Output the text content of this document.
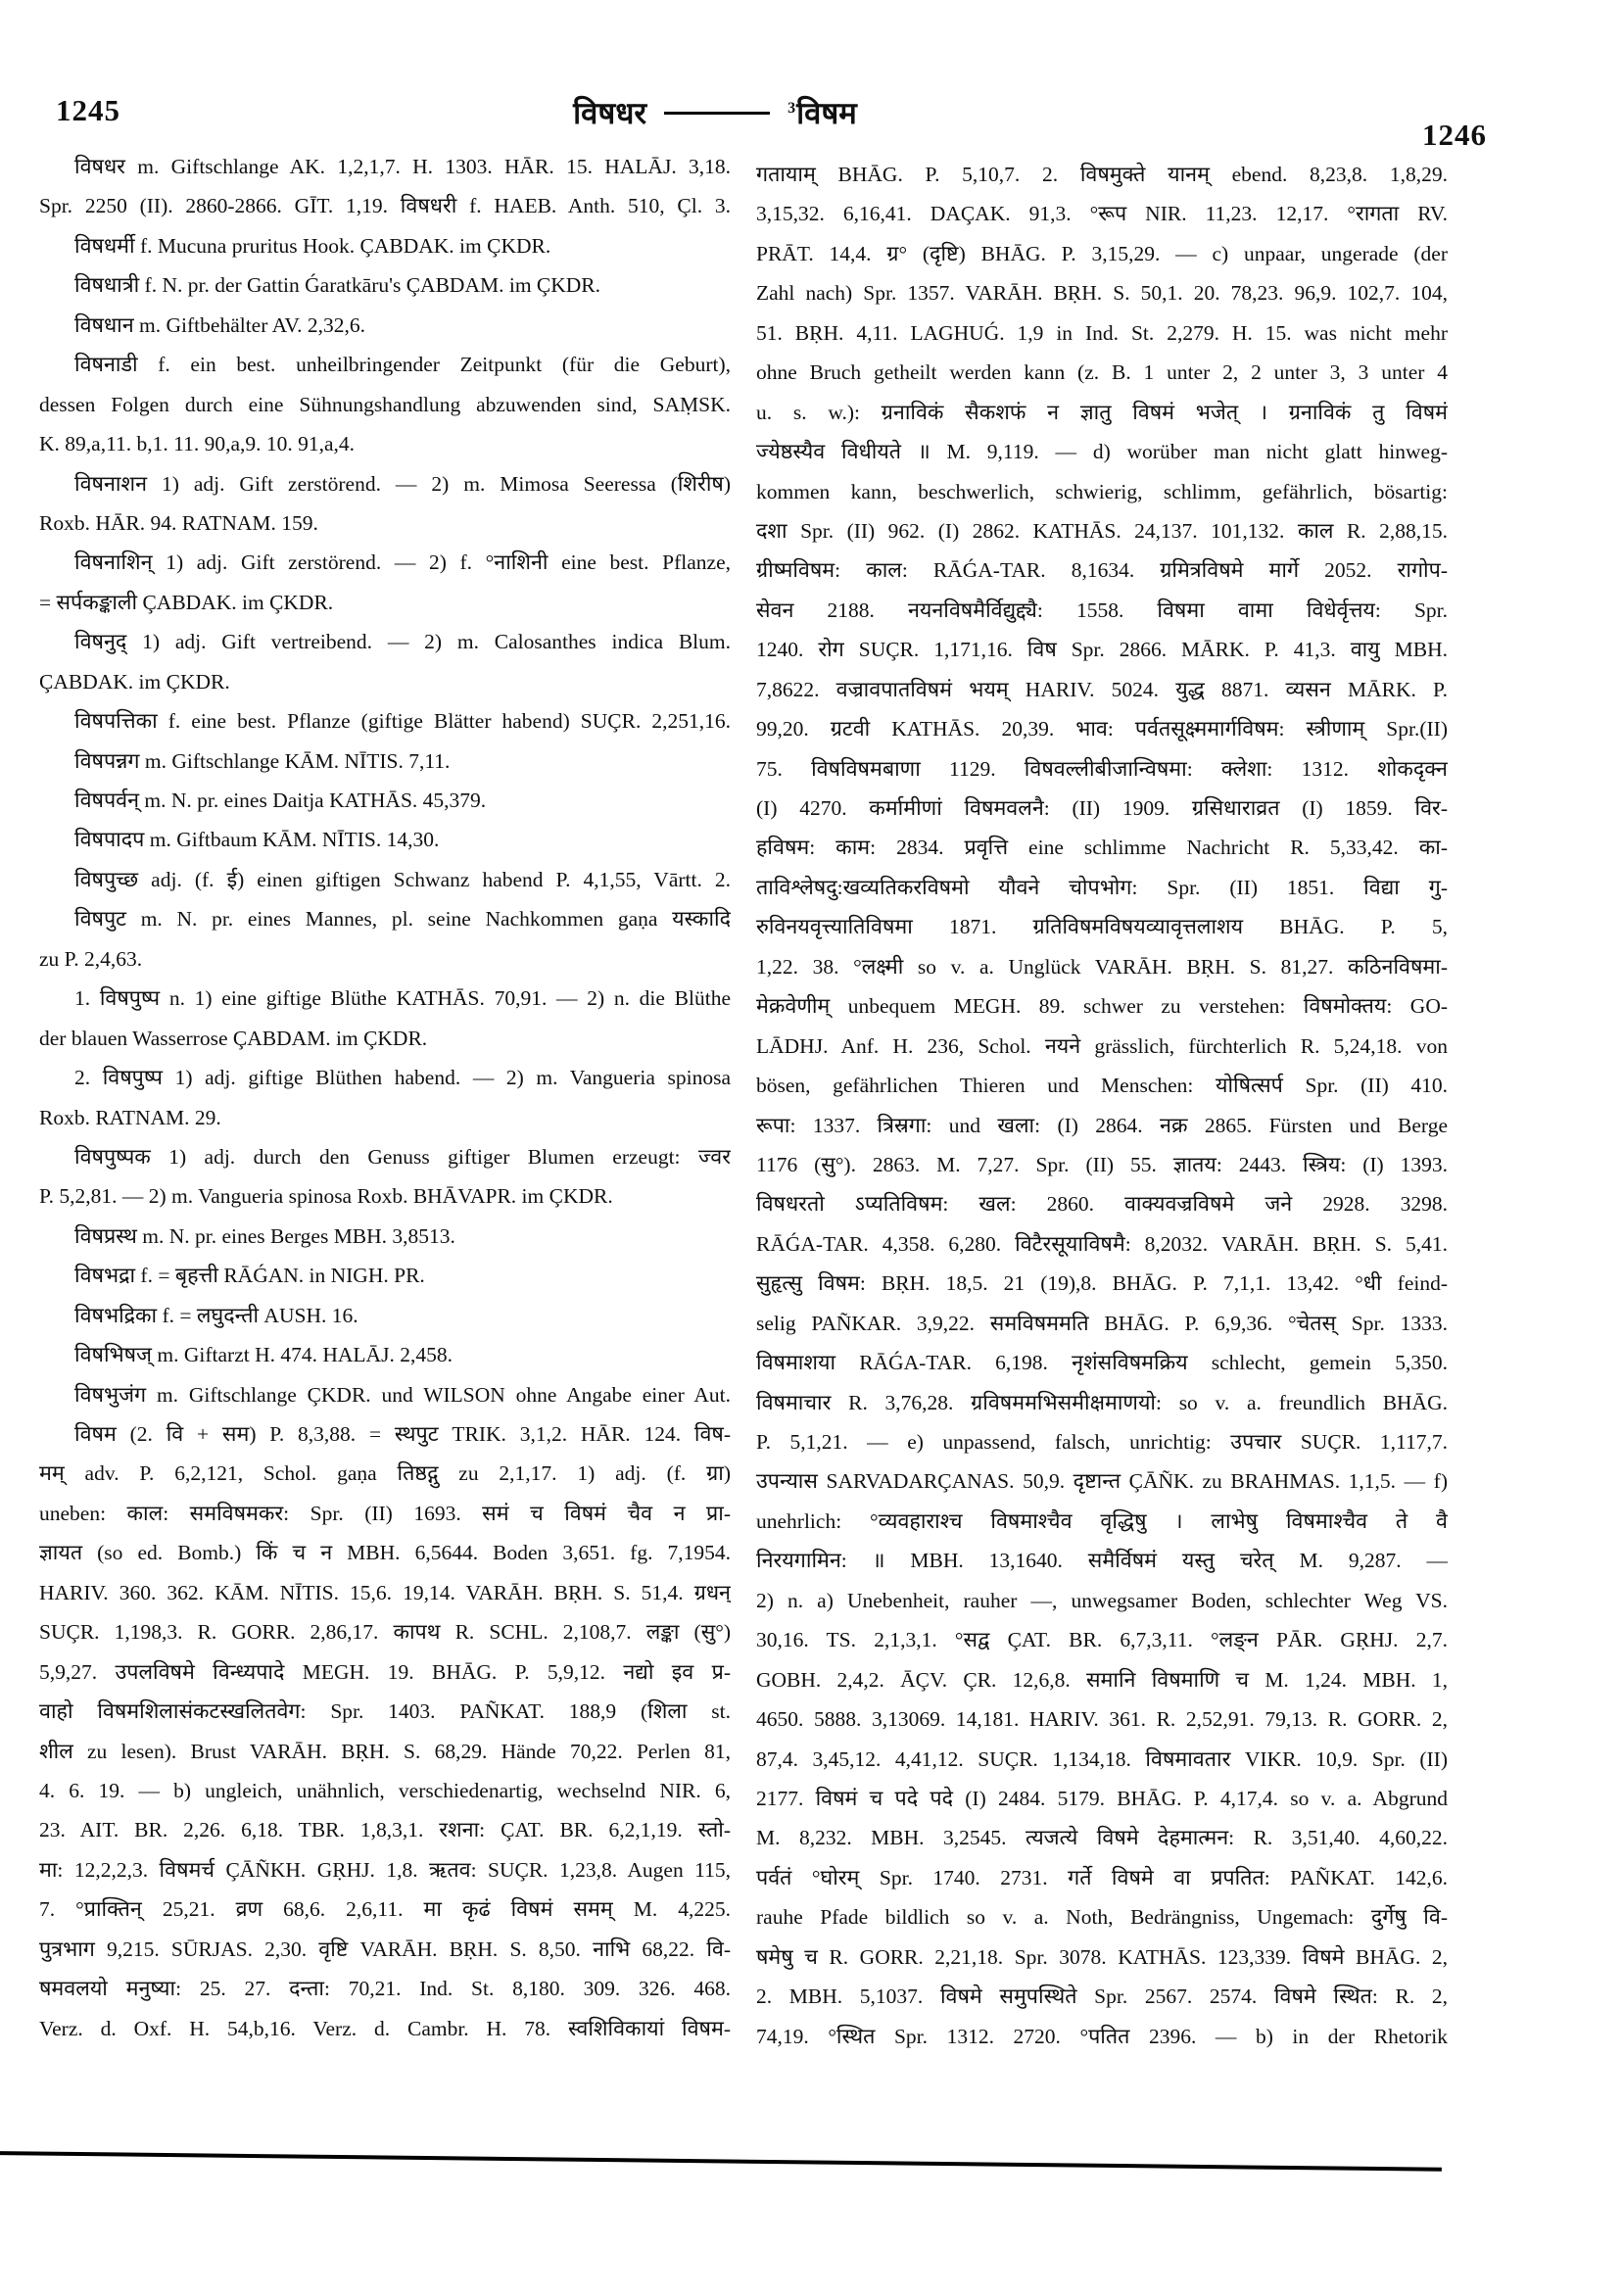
1245
1246
विषधर	$^3$विषम
विषधर m. Giftschlange AK. 1,2,1,7. H. 1303. HĀR. 15. HALĀJ. 3,18.
Spr. 2250 (II). 2860-2866. GĪT. 1,19. विषधरी f. HAEB. Anth. 510, Çl. 3.
विषधर्मी f. Mucuna pruritus Hook. ÇABDAK. im ÇKDR.
विषधात्री f. N. pr. der Gattin Ǵaratkāru's ÇABDAM. im ÇKDR.
विषधान m. Giftbehälter AV. 2,32,6.
विषनाडी f. ein best. unheilbringender Zeitpunkt (für die Geburt),
dessen Folgen durch eine Sühnungshandlung abzuwenden sind, SAṂSK.
K. 89,a,11. b,1. 11. 90,a,9. 10. 91,a,4.
विषनाशन 1) adj. Gift zerstörend. — 2) m. Mimosa Seeressa (शिरीष)
Roxb. HĀR. 94. RATNAM. 159.
विषनाशिन् 1) adj. Gift zerstörend. — 2) f. °नाशिनी eine best. Pflanze,
= सर्पकङ्काली ÇABDAK. im ÇKDR.
विषनुद् 1) adj. Gift vertreibend. — 2) m. Calosanthes indica Blum.
ÇABDAK. im ÇKDR.
विषपत्तिका f. eine best. Pflanze (giftige Blätter habend) SUÇR. 2,251,16.
विषपन्नग m. Giftschlange KĀM. NĪTIS. 7,11.
विषपर्वन् m. N. pr. eines Daitja KATHĀS. 45,379.
विषपादप m. Giftbaum KĀM. NĪTIS. 14,30.
विषपुच्छ adj. (f. ई) einen giftigen Schwanz habend P. 4,1,55, Vārtt. 2.
विषपुट m. N. pr. eines Mannes, pl. seine Nachkommen gaṇa यस्कादि
zu P. 2,4,63.
1. विषपुष्प n. 1) eine giftige Blüthe KATHĀS. 70,91. — 2) n. die Blüthe
der blauen Wasserrose ÇABDAM. im ÇKDR.
2. विषपुष्प 1) adj. giftige Blüthen habend. — 2) m. Vangueria spinosa
Roxb. RATNAM. 29.
विषपुष्पक 1) adj. durch den Genuss giftiger Blumen erzeugt: ज्वर
P. 5,2,81. — 2) m. Vangueria spinosa Roxb. BHĀVAPR. im ÇKDR.
विषप्रस्थ m. N. pr. eines Berges MBH. 3,8513.
विषभद्रा f. = बृहत्ती RĀǴAN. in NIGH. PR.
विषभद्रिका f. = लघुदन्ती AUSH. 16.
विषभिषज् m. Giftarzt H. 474. HALĀJ. 2,458.
विषभुजंग m. Giftschlange ÇKDR. und WILSON ohne Angabe einer Aut.
विषम (2. वि + सम) P. 8,3,88. = स्थपुट TRIK. 3,1,2. HĀR. 124. विष-
मम् adv. P. 6,2,121, Schol. gaṇa तिष्ठद्गु zu 2,1,17. 1) adj. (f. ग्रा)
uneben: काल: समविषमकर: Spr. (II) 1693. समं च विषमं चैव न प्रा-
ज्ञायत (so ed. Bomb.) किं च न MBH. 6,5644. Boden 3,651. fg. 7,1954.
HARIV. 360. 362. KĀM. NĪTIS. 15,6. 19,14. VARĀH. BṚH. S. 51,4. ग्रधन्
SUÇR. 1,198,3. R. GORR. 2,86,17. कापथ R. SCHL. 2,108,7. लङ्का (सु°)
5,9,27. उपलविषमे विन्ध्यपादे MEGH. 19. BHĀG. P. 5,9,12. नद्यो इव प्र-
वाहो विषमशिलासंकटस्खलितवेग: Spr. 1403. PAÑKAT. 188,9 (शिला st.
शील zu lesen). Brust VARĀH. BṚH. S. 68,29. Hände 70,22. Perlen 81,
4. 6. 19. — b) ungleich, unähnlich, verschiedenartig, wechselnd NIR. 6,
23. AIT. BR. 2,26. 6,18. TBR. 1,8,3,1. रशना: ÇAT. BR. 6,2,1,19. स्तो-
मा: 12,2,2,3. विषमर्च ÇĀÑKH. GṚHJ. 1,8. ऋतव: SUÇR. 1,23,8. Augen 115,
7. °प्राक्तिन् 25,21. व्रण 68,6. 2,6,11. मा कृढं विषमं समम् M. 4,225.
पुत्रभाग 9,215. SŪRJAS. 2,30. वृष्टि VARĀH. BṚH. S. 8,50. नाभि 68,22. वि-
षमवलयो मनुष्या: 25. 27. दन्ता: 70,21. Ind. St. 8,180. 309. 326. 468.
Verz. d. Oxf. H. 54,b,16. Verz. d. Cambr. H. 78. स्वशिविकायां विषम-
गतायाम् BHĀG. P. 5,10,7. 2. विषमुक्ते यानम् ebend. 8,23,8. 1,8,29.
3,15,32. 6,16,41. DAÇAK. 91,3. °रूप NIR. 11,23. 12,17. °रागता RV.
PRĀT. 14,4. ग्र° (दृष्टि) BHĀG. P. 3,15,29. — c) unpaar, ungerade (der
Zahl nach) Spr. 1357. VARĀH. BṚH. S. 50,1. 20. 78,23. 96,9. 102,7. 104,
51. BṚH. 4,11. LAGHUǴ. 1,9 in Ind. St. 2,279. H. 15. was nicht mehr
ohne Bruch getheilt werden kann (z. B. 1 unter 2, 2 unter 3, 3 unter 4
u. s. w.): ग्रनाविकं सैकशफं न ज्ञातु विषमं भजेत् । ग्रनाविकं तु विषमं
ज्येष्ठस्यैव विधीयते ॥ M. 9,119. — d) worüber man nicht glatt hinweg-
kommen kann, beschwerlich, schwierig, schlimm, gefährlich, bösartig:
दशा Spr. (II) 962. (I) 2862. KATHĀS. 24,137. 101,132. काल R. 2,88,15.
ग्रीष्मविषम: काल: RĀǴA-TAR. 8,1634. ग्रमित्रविषमे मार्गे 2052. रागोप-
सेवन 2188. नयनविषमैर्विद्युद्द्यै: 1558. विषमा वामा विधेर्वृत्तय: Spr.
1240. रोग SUÇR. 1,171,16. विष Spr. 2866. MĀRK. P. 41,3. वायु MBH.
7,8622. वज्रावपातविषमं भयम् HARIV. 5024. युद्ध 8871. व्यसन MĀRK. P.
99,20. ग्रटवी KATHĀS. 20,39. भाव: पर्वतसूक्ष्ममार्गविषम: स्त्रीणाम् Spr.(II)
75. विषविषमबाणा 1129. विषवल्लीबीजान्विषमा: क्लेशा: 1312. शोकदृक्न
(I) 4270. कर्मामीणां विषमवलनै: (II) 1909. ग्रसिधाराव्रत (I) 1859. विर-
हविषम: काम: 2834. प्रवृत्ति eine schlimme Nachricht R. 5,33,42. का-
ताविश्लेषदु:खव्यतिकरविषमो यौवने चोपभोग: Spr. (II) 1851. विद्या गु-
रुविनयवृत्त्यातिविषमा 1871. ग्रतिविषमविषयव्यावृत्तलाशय BHĀG. P. 5,
1,22. 38. °लक्ष्मी so v. a. Unglück VARĀH. BṚH. S. 81,27. कठिनविषमा-
मेक्रवेणीम् unbequem MEGH. 89. schwer zu verstehen: विषमोक्तय: GO-
LĀDHJ. Anf. H. 236, Schol. नयने grässlich, fürchterlich R. 5,24,18. von
bösen, gefährlichen Thieren und Menschen: योषित्सर्प Spr. (II) 410.
रूपा: 1337. त्रिस्रगा: und खला: (I) 2864. नक्र 2865. Fürsten und Berge
1176 (सु°). 2863. M. 7,27. Spr. (II) 55. ज्ञातय: 2443. स्त्रिय: (I) 1393.
विषधरतो ऽप्यतिविषम: खल: 2860. वाक्यवज्रविषमे जने 2928. 3298.
RĀǴA-TAR. 4,358. 6,280. विटैरसूयाविषमै: 8,2032. VARĀH. BṚH. S. 5,41.
सुहृत्सु विषम: BṚH. 18,5. 21 (19),8. BHĀG. P. 7,1,1. 13,42. °धी feind-
selig PAÑKAR. 3,9,22. समविषममति BHĀG. P. 6,9,36. °चेतस् Spr. 1333.
विषमाशया RĀǴA-TAR. 6,198. नृशंसविषमक्रिय schlecht, gemein 5,350.
विषमाचार R. 3,76,28. ग्रविषममभिसमीक्षमाणयो: so v. a. freundlich BHĀG.
P. 5,1,21. — e) unpassend, falsch, unrichtig: उपचार SUÇR. 1,117,7.
उपन्यास SARVADARÇANAS. 50,9. दृष्टान्त ÇĀÑK. zu BRAHMAS. 1,1,5. — f)
unehrlich: °व्यवहाराश्च विषमाश्चैव वृद्धिषु । लाभेषु विषमाश्चैव ते वै
निरयगामिन: ॥ MBH. 13,1640. समैर्विषमं यस्तु चरेत् M. 9,287. —
2) n. a) Unebenheit, rauher —, unwegsamer Boden, schlechter Weg VS.
30,16. TS. 2,1,3,1. °सद्व ÇAT. BR. 6,7,3,11. °लङ्न PĀR. GṚHJ. 2,7.
GOBH. 2,4,2. ĀÇV. ÇR. 12,6,8. समानि विषमाणि च M. 1,24. MBH. 1,
4650. 5888. 3,13069. 14,181. HARIV. 361. R. 2,52,91. 79,13. R. GORR. 2,
87,4. 3,45,12. 4,41,12. SUÇR. 1,134,18. विषमावतार VIKR. 10,9. Spr. (II)
2177. विषमं च पदे पदे (I) 2484. 5179. BHĀG. P. 4,17,4. so v. a. Abgrund
M. 8,232. MBH. 3,2545. त्यजत्ये विषमे देहमात्मन: R. 3,51,40. 4,60,22.
पर्वतं °घोरम् Spr. 1740. 2731. गर्ते विषमे वा प्रपतित: PAÑKAT. 142,6.
rauhe Pfade bildlich so v. a. Noth, Bedrängniss, Ungemach: दुर्गेषु वि-
षमेषु च R. GORR. 2,21,18. Spr. 3078. KATHĀS. 123,339. विषमे BHĀG. 2,
2. MBH. 5,1037. विषमे समुपस्थिते Spr. 2567. 2574. विषमे स्थित: R. 2,
74,19. °स्थित Spr. 1312. 2720. °पतित 2396. — b) in der Rhetorik
